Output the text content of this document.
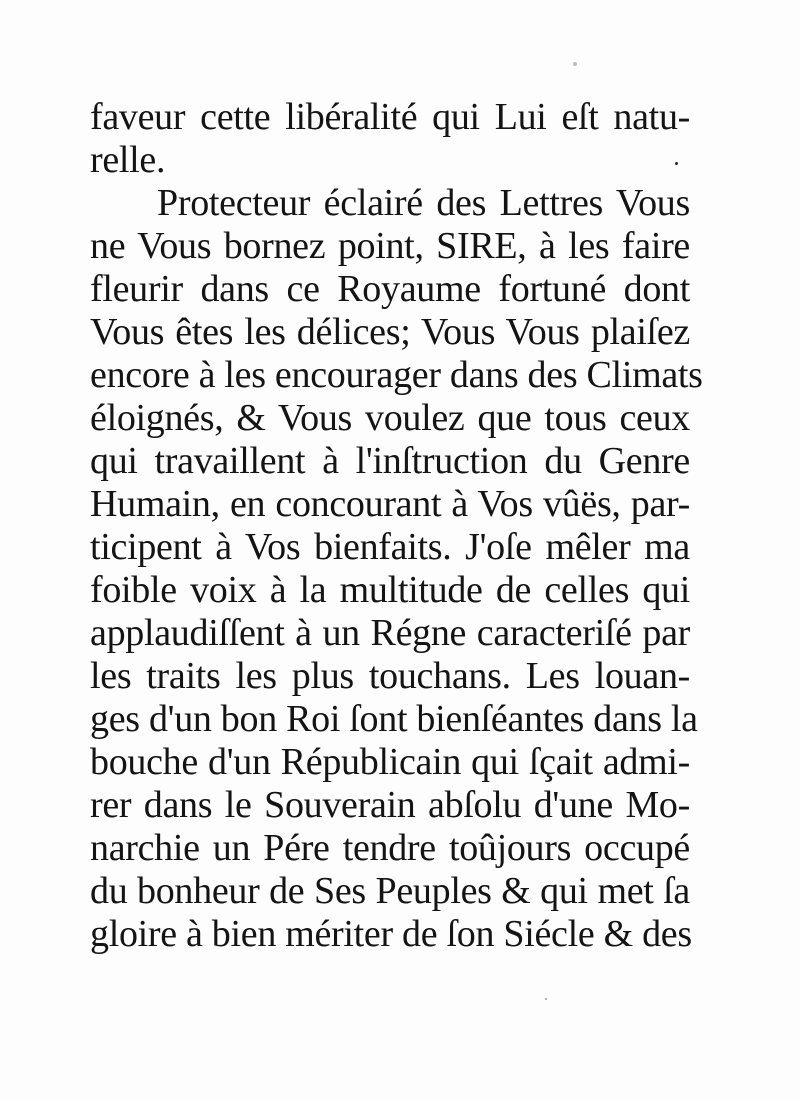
faveur cette libéralité qui Lui eſt natu-
relle.
Protecteur éclairé des Lettres Vous
ne Vous bornez point, SIRE, à les faire
fleurir dans ce Royaume fortuné dont
Vous êtes les délices; Vous Vous plaiſez
encore à les encourager dans des Climats
éloignés, & Vous voulez que tous ceux
qui travaillent à l'inſtruction du Genre
Humain, en concourant à Vos vûës, par-
ticipent à Vos bienfaits. J'oſe mêler ma
foible voix à la multitude de celles qui
applaudiſſent à un Régne caracteriſé par
les traits les plus touchans. Les louan-
ges d'un bon Roi ſont bienſéantes dans la
bouche d'un Républicain qui ſçait admi-
rer dans le Souverain abſolu d'une Mo-
narchie un Pére tendre toûjours occupé
du bonheur de Ses Peuples & qui met ſa
gloire à bien mériter de ſon Siécle & des
